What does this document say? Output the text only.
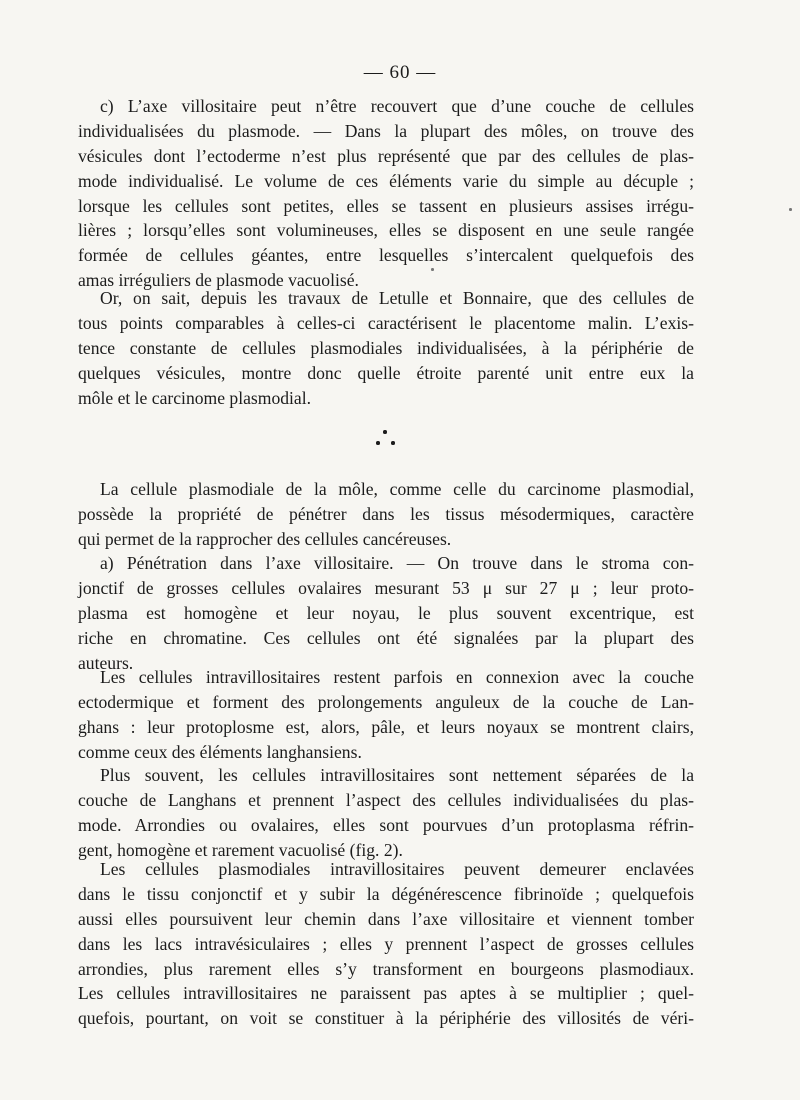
— 60 —
c) L’axe villositaire peut n’être recouvert que d’une couche de cellules
individualisées du plasmode. — Dans la plupart des môles, on trouve des
vésicules dont l’ectoderme n’est plus représenté que par des cellules de plas-
mode individualisé. Le volume de ces éléments varie du simple au décuple ;
lorsque les cellules sont petites, elles se tassent en plusieurs assises irrégu-
lières ; lorsqu’elles sont volumineuses, elles se disposent en une seule rangée
formée de cellules géantes, entre lesquelles s’intercalent quelquefois des
amas irréguliers de plasmode vacuolisé.
Or, on sait, depuis les travaux de Letulle et Bonnaire, que des cellules de
tous points comparables à celles-ci caractérisent le placentome malin. L’exis-
tence constante de cellules plasmodiales individualisées, à la périphérie de
quelques vésicules, montre donc quelle étroite parenté unit entre eux la
môle et le carcinome plasmodial.
La cellule plasmodiale de la môle, comme celle du carcinome plasmodial,
possède la propriété de pénétrer dans les tissus mésodermiques, caractère
qui permet de la rapprocher des cellules cancéreuses.
a) Pénétration dans l’axe villositaire. — On trouve dans le stroma con-
jonctif de grosses cellules ovalaires mesurant 53 μ sur 27 μ ; leur proto-
plasma est homogène et leur noyau, le plus souvent excentrique, est
riche en chromatine. Ces cellules ont été signalées par la plupart des
auteurs.
Les cellules intravillositaires restent parfois en connexion avec la couche
ectodermique et forment des prolongements anguleux de la couche de Lan-
ghans : leur protoplosme est, alors, pâle, et leurs noyaux se montrent clairs,
comme ceux des éléments langhansiens.
Plus souvent, les cellules intravillositaires sont nettement séparées de la
couche de Langhans et prennent l’aspect des cellules individualisées du plas-
mode. Arrondies ou ovalaires, elles sont pourvues d’un protoplasma réfrin-
gent, homogène et rarement vacuolisé (fig. 2).
Les cellules plasmodiales intravillositaires peuvent demeurer enclavées
dans le tissu conjonctif et y subir la dégénérescence fibrinoïde ; quelquefois
aussi elles poursuivent leur chemin dans l’axe villositaire et viennent tomber
dans les lacs intravésiculaires ; elles y prennent l’aspect de grosses cellules
arrondies, plus rarement elles s’y transforment en bourgeons plasmodiaux.
Les cellules intravillositaires ne paraissent pas aptes à se multiplier ; quel-
quefois, pourtant, on voit se constituer à la périphérie des villosités de véri-
